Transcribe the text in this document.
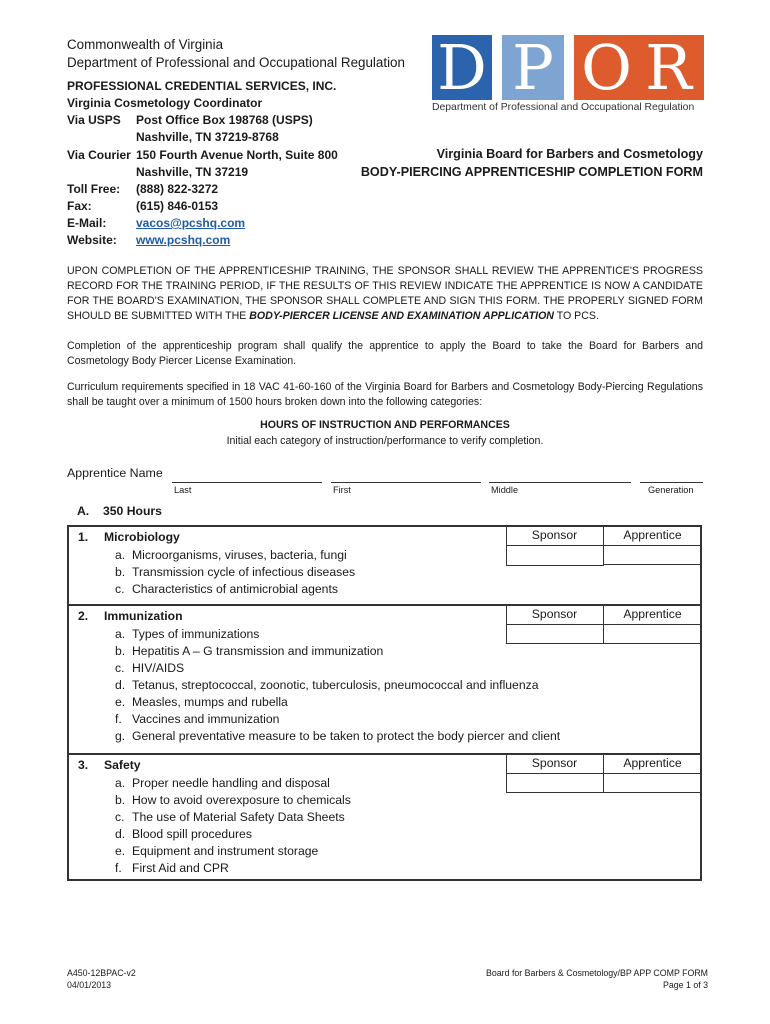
Commonwealth of Virginia
Department of Professional and Occupational Regulation
PROFESSIONAL CREDENTIAL SERVICES, INC.
Virginia Cosmetology Coordinator
Via USPS Post Office Box 198768 (USPS)
Nashville, TN 37219-8768
Via Courier 150 Fourth Avenue North, Suite 800
Nashville, TN 37219
Toll Free: (888) 822-3272
Fax:	(615) 846-0153
E-Mail: vacos@pcshq.com
Website: www.pcshq.com
D P O R
Department of Professional and Occupational Regulation
Virginia Board for Barbers and Cosmetology
BODY-PIERCING APPRENTICESHIP COMPLETION FORM
UPON COMPLETION OF THE APPRENTICESHIP TRAINING, THE SPONSOR SHALL REVIEW THE APPRENTICE'S PROGRESS RECORD FOR THE TRAINING PERIOD, IF THE RESULTS OF THIS REVIEW INDICATE THE APPRENTICE IS NOW A CANDIDATE FOR THE BOARD'S EXAMINATION, THE SPONSOR SHALL COMPLETE AND SIGN THIS FORM. THE PROPERLY SIGNED FORM SHOULD BE SUBMITTED WITH THE BODY-PIERCER LICENSE AND EXAMINATION APPLICATION TO PCS.
Completion of the apprenticeship program shall qualify the apprentice to apply the Board to take the Board for Barbers and Cosmetology Body Piercer License Examination.
Curriculum requirements specified in 18 VAC 41-60-160 of the Virginia Board for Barbers and Cosmetology Body-Piercing Regulations shall be taught over a minimum of 1500 hours broken down into the following categories:
HOURS OF INSTRUCTION AND PERFORMANCES
Initial each category of instruction/performance to verify completion.
Apprentice Name
Last	First	Middle	Generation
A. 350 Hours
1. Microbiology
a. Microorganisms, viruses, bacteria, fungi
b. Transmission cycle of infectious diseases
c. Characteristics of antimicrobial agents
Sponsor	Apprentice
2. Immunization
a. Types of immunizations
b. Hepatitis A – G transmission and immunization
c. HIV/AIDS
d. Tetanus, streptococcal, zoonotic, tuberculosis, pneumococcal and influenza
e. Measles, mumps and rubella
f. Vaccines and immunization
g. General preventative measure to be taken to protect the body piercer and client
Sponsor	Apprentice
3. Safety
a. Proper needle handling and disposal
b. How to avoid overexposure to chemicals
c. The use of Material Safety Data Sheets
d. Blood spill procedures
e. Equipment and instrument storage
f. First Aid and CPR
Sponsor	Apprentice
A450-12BPAC-v2
04/01/2013
Board for Barbers & Cosmetology/BP APP COMP FORM
Page 1 of 3
